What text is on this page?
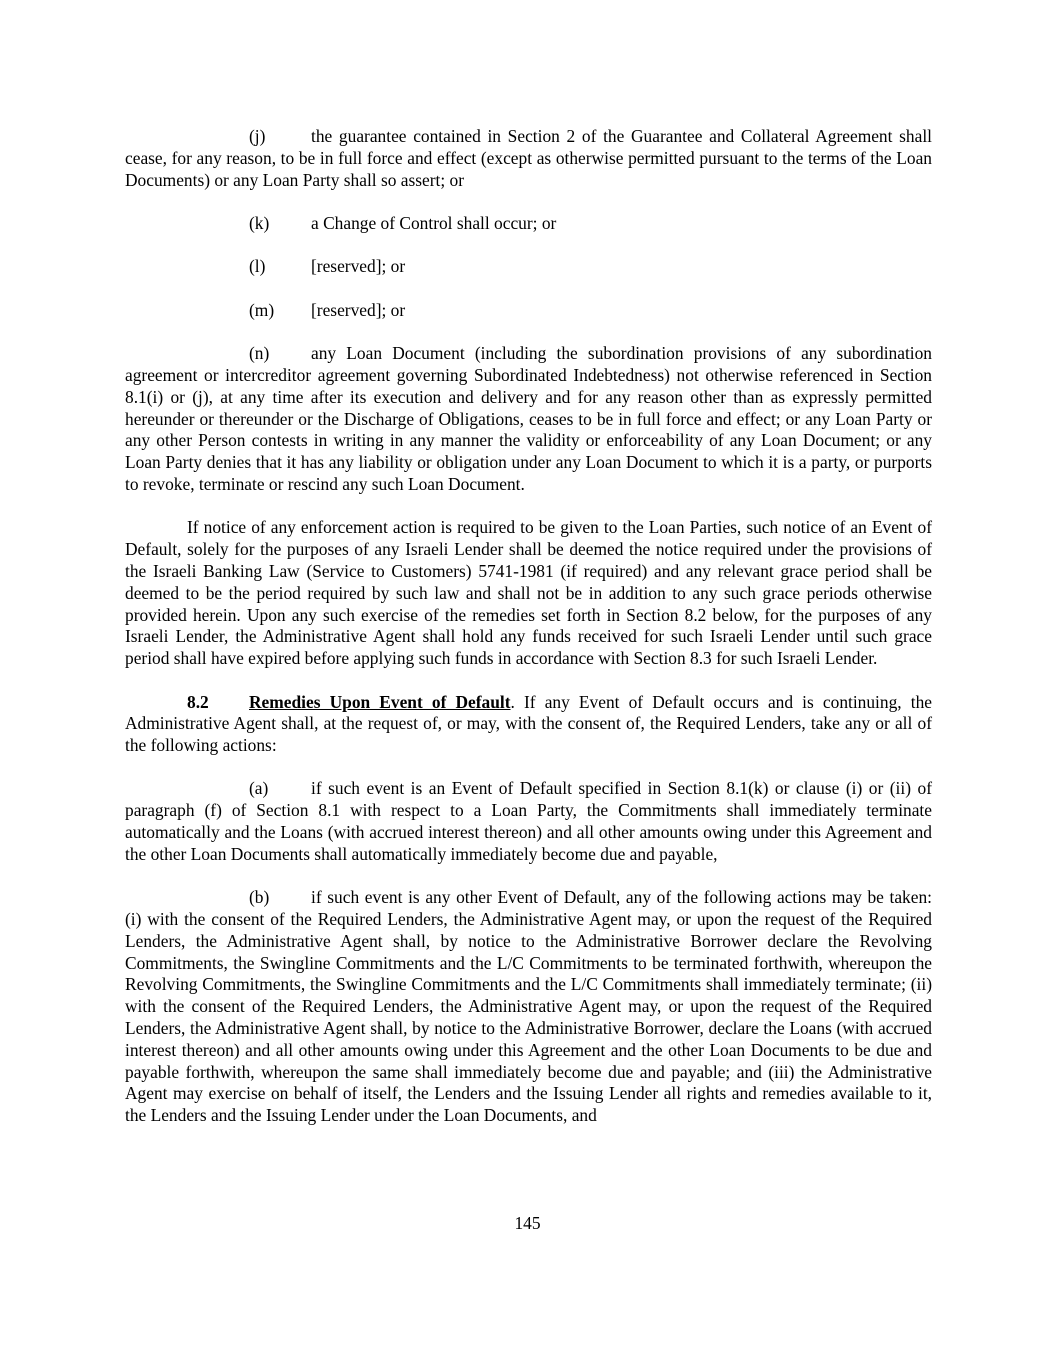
(j)	the guarantee contained in Section 2 of the Guarantee and Collateral Agreement shall cease, for any reason, to be in full force and effect (except as otherwise permitted pursuant to the terms of the Loan Documents) or any Loan Party shall so assert; or

(k) a Change of Control shall occur; or

(l)	[reserved]; or

(m) [reserved]; or

(n) any Loan Document (including the subordination provisions of any subordination agreement or intercreditor agreement governing Subordinated Indebtedness) not otherwise referenced in Section 8.1(i) or (j), at any time after its execution and delivery and for any reason other than as expressly permitted hereunder or thereunder or the Discharge of Obligations, ceases to be in full force and effect; or any Loan Party or any other Person contests in writing in any manner the validity or enforceability of any Loan Document; or any Loan Party denies that it has any liability or obligation under any Loan Document to which it is a party, or purports to revoke, terminate or rescind any such Loan Document.

If notice of any enforcement action is required to be given to the Loan Parties, such notice of an Event of Default, solely for the purposes of any Israeli Lender shall be deemed the notice required under the provisions of the Israeli Banking Law (Service to Customers) 5741-1981 (if required) and any relevant grace period shall be deemed to be the period required by such law and shall not be in addition to any such grace periods otherwise provided herein. Upon any such exercise of the remedies set forth in Section 8.2 below, for the purposes of any Israeli Lender, the Administrative Agent shall hold any funds received for such Israeli Lender until such grace period shall have expired before applying such funds in accordance with Section 8.3 for such Israeli Lender.

8.2 Remedies Upon Event of Default. If any Event of Default occurs and is continuing, the Administrative Agent shall, at the request of, or may, with the consent of, the Required Lenders, take any or all of the following actions:

(a) if such event is an Event of Default specified in Section 8.1(k) or clause (i) or (ii) of paragraph (f) of Section 8.1 with respect to a Loan Party, the Commitments shall immediately terminate automatically and the Loans (with accrued interest thereon) and all other amounts owing under this Agreement and the other Loan Documents shall automatically immediately become due and payable,

(b) if such event is any other Event of Default, any of the following actions may be taken: (i) with the consent of the Required Lenders, the Administrative Agent may, or upon the request of the Required Lenders, the Administrative Agent shall, by notice to the Administrative Borrower declare the Revolving Commitments, the Swingline Commitments and the L/C Commitments to be terminated forthwith, whereupon the Revolving Commitments, the Swingline Commitments and the L/C Commitments shall immediately terminate; (ii) with the consent of the Required Lenders, the Administrative Agent may, or upon the request of the Required Lenders, the Administrative Agent shall, by notice to the Administrative Borrower, declare the Loans (with accrued interest thereon) and all other amounts owing under this Agreement and the other Loan Documents to be due and payable forthwith, whereupon the same shall immediately become due and payable; and (iii) the Administrative Agent may exercise on behalf of itself, the Lenders and the Issuing Lender all rights and remedies available to it, the Lenders and the Issuing Lender under the Loan Documents, and

145
